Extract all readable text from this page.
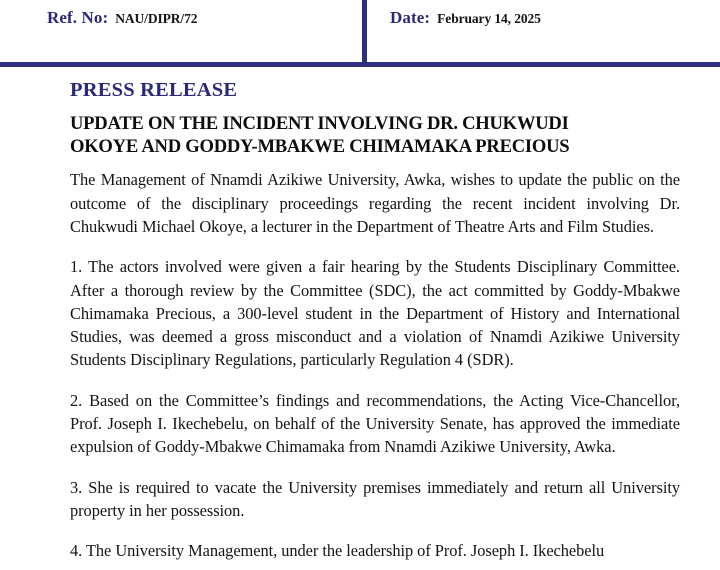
Ref. No: NAU/DIPR/72	Date: February 14, 2025
PRESS RELEASE
UPDATE ON THE INCIDENT INVOLVING DR. CHUKWUDI
OKOYE AND GODDY-MBAKWE CHIMAMAKA PRECIOUS

The Management of Nnamdi Azikiwe University, Awka, wishes to update the public on the outcome of the disciplinary proceedings regarding the recent incident involving Dr. Chukwudi Michael Okoye, a lecturer in the Department of Theatre Arts and Film Studies.

1. The actors involved were given a fair hearing by the Students Disciplinary Committee. After a thorough review by the Committee (SDC), the act committed by Goddy-Mbakwe Chimamaka Precious, a 300-level student in the Department of History and International Studies, was deemed a gross misconduct and a violation of Nnamdi Azikiwe University Students Disciplinary Regulations, particularly Regulation 4 (SDR).

2. Based on the Committee’s findings and recommendations, the Acting Vice-Chancellor, Prof. Joseph I. Ikechebelu, on behalf of the University Senate, has approved the immediate expulsion of Goddy-Mbakwe Chimamaka from Nnamdi Azikiwe University, Awka.

3. She is required to vacate the University premises immediately and return all University property in her possession.

4. The University Management, under the leadership of Prof. Joseph I. Ikechebelu
